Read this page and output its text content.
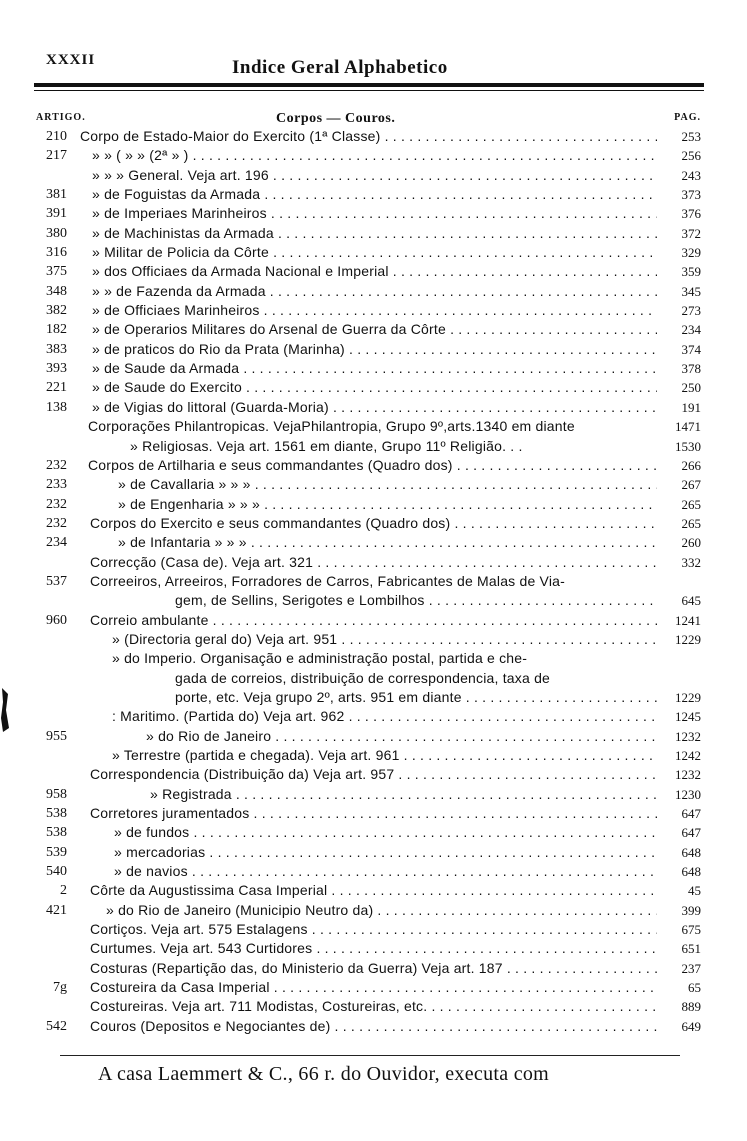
XXXII	Indice Geral Alphabetico
ARTIGO.	Corpos — Couros.	PAG.
210 Corpo de Estado-Maior do Exercito (1ª Classe) . . .	253
217 » » ( » » (2ª » ) . . .	256
» » » General. Veja art. 196 . . .	243
381 » de Foguistas da Armada . . .	373
391 » de Imperiaes Marinheiros . . .	376
380 » de Machinistas da Armada . . .	372
316 » Militar de Policia da Côrte . . .	329
375 » dos Officiaes da Armada Nacional e Imperial . . .	359
348 » » de Fazenda da Armada . . .	345
382 » de Officiaes Marinheiros . . .	273
182 » de Operarios Militares do Arsenal de Guerra da Côrte . . .	234
383 » de praticos do Rio da Prata (Marinha) . . .	374
393 » de Saude da Armada . . .	378
221 » de Saude do Exercito . . .	250
138 » de Vigias do littoral (Guarda-Moria) . . .	191
Corporações Philantropicas. VejaPhilantropia, Grupo 9º,arts.1340 em diante	1471
» Religiosas. Veja art. 1561 em diante, Grupo 11º Religião. . .	1530
232 Corpos de Artilharia e seus commandantes (Quadro dos) . . .	266
233	» de Cavallaria » » » . . .	267
232	» de Engenharia » » » . . .	265
232 Corpos do Exercito e seus commandantes (Quadro dos) . . .	265
234	» de Infantaria » » » . . .	260
Correcção (Casa de). Veja art. 321 . . .	332
537 Correeiros, Arreeiros, Forradores de Carros, Fabricantes de Malas de Via-
gem, de Sellins, Serigotes e Lombilhos . . .	645
960 Correio ambulante . . .	1241
» (Directoria geral do) Veja art. 951 . . .	1229
» do Imperio. Organisação e administração postal, partida e che-
gada de correios, distribuição de correspondencia, taxa de
porte, etc. Veja grupo 2º, arts. 951 em diante . . .	1229
: Maritimo. (Partida do) Veja art. 962 . . .	1245
955	» do Rio de Janeiro . . .	1232
» Terrestre (partida e chegada). Veja art. 961 . . .	1242
Correspondencia (Distribuição da) Veja art. 957 . . .	1232
958	» Registrada . . .	1230
538 Corretores juramentados . . .	647
538	» de fundos . . .	647
539	» mercadorias . . .	648
540	» de navios . . .	648
2 Côrte da Augustissima Casa Imperial . . .	45
421	» do Rio de Janeiro (Municipio Neutro da) . . .	399
Cortiços. Veja art. 575 Estalagens . . .	675
Curtumes. Veja art. 543 Curtidores . . .	651
Costuras (Repartição das, do Ministerio da Guerra) Veja art. 187 . . .	237
7g Costureira da Casa Imperial . . .	65
Costureiras. Veja art. 711 Modistas, Costureiras, etc. . . .	889
542 Couros (Depositos e Negociantes de) . . .	649
A casa Laemmert & C., 66 r. do Ouvidor, executa com
